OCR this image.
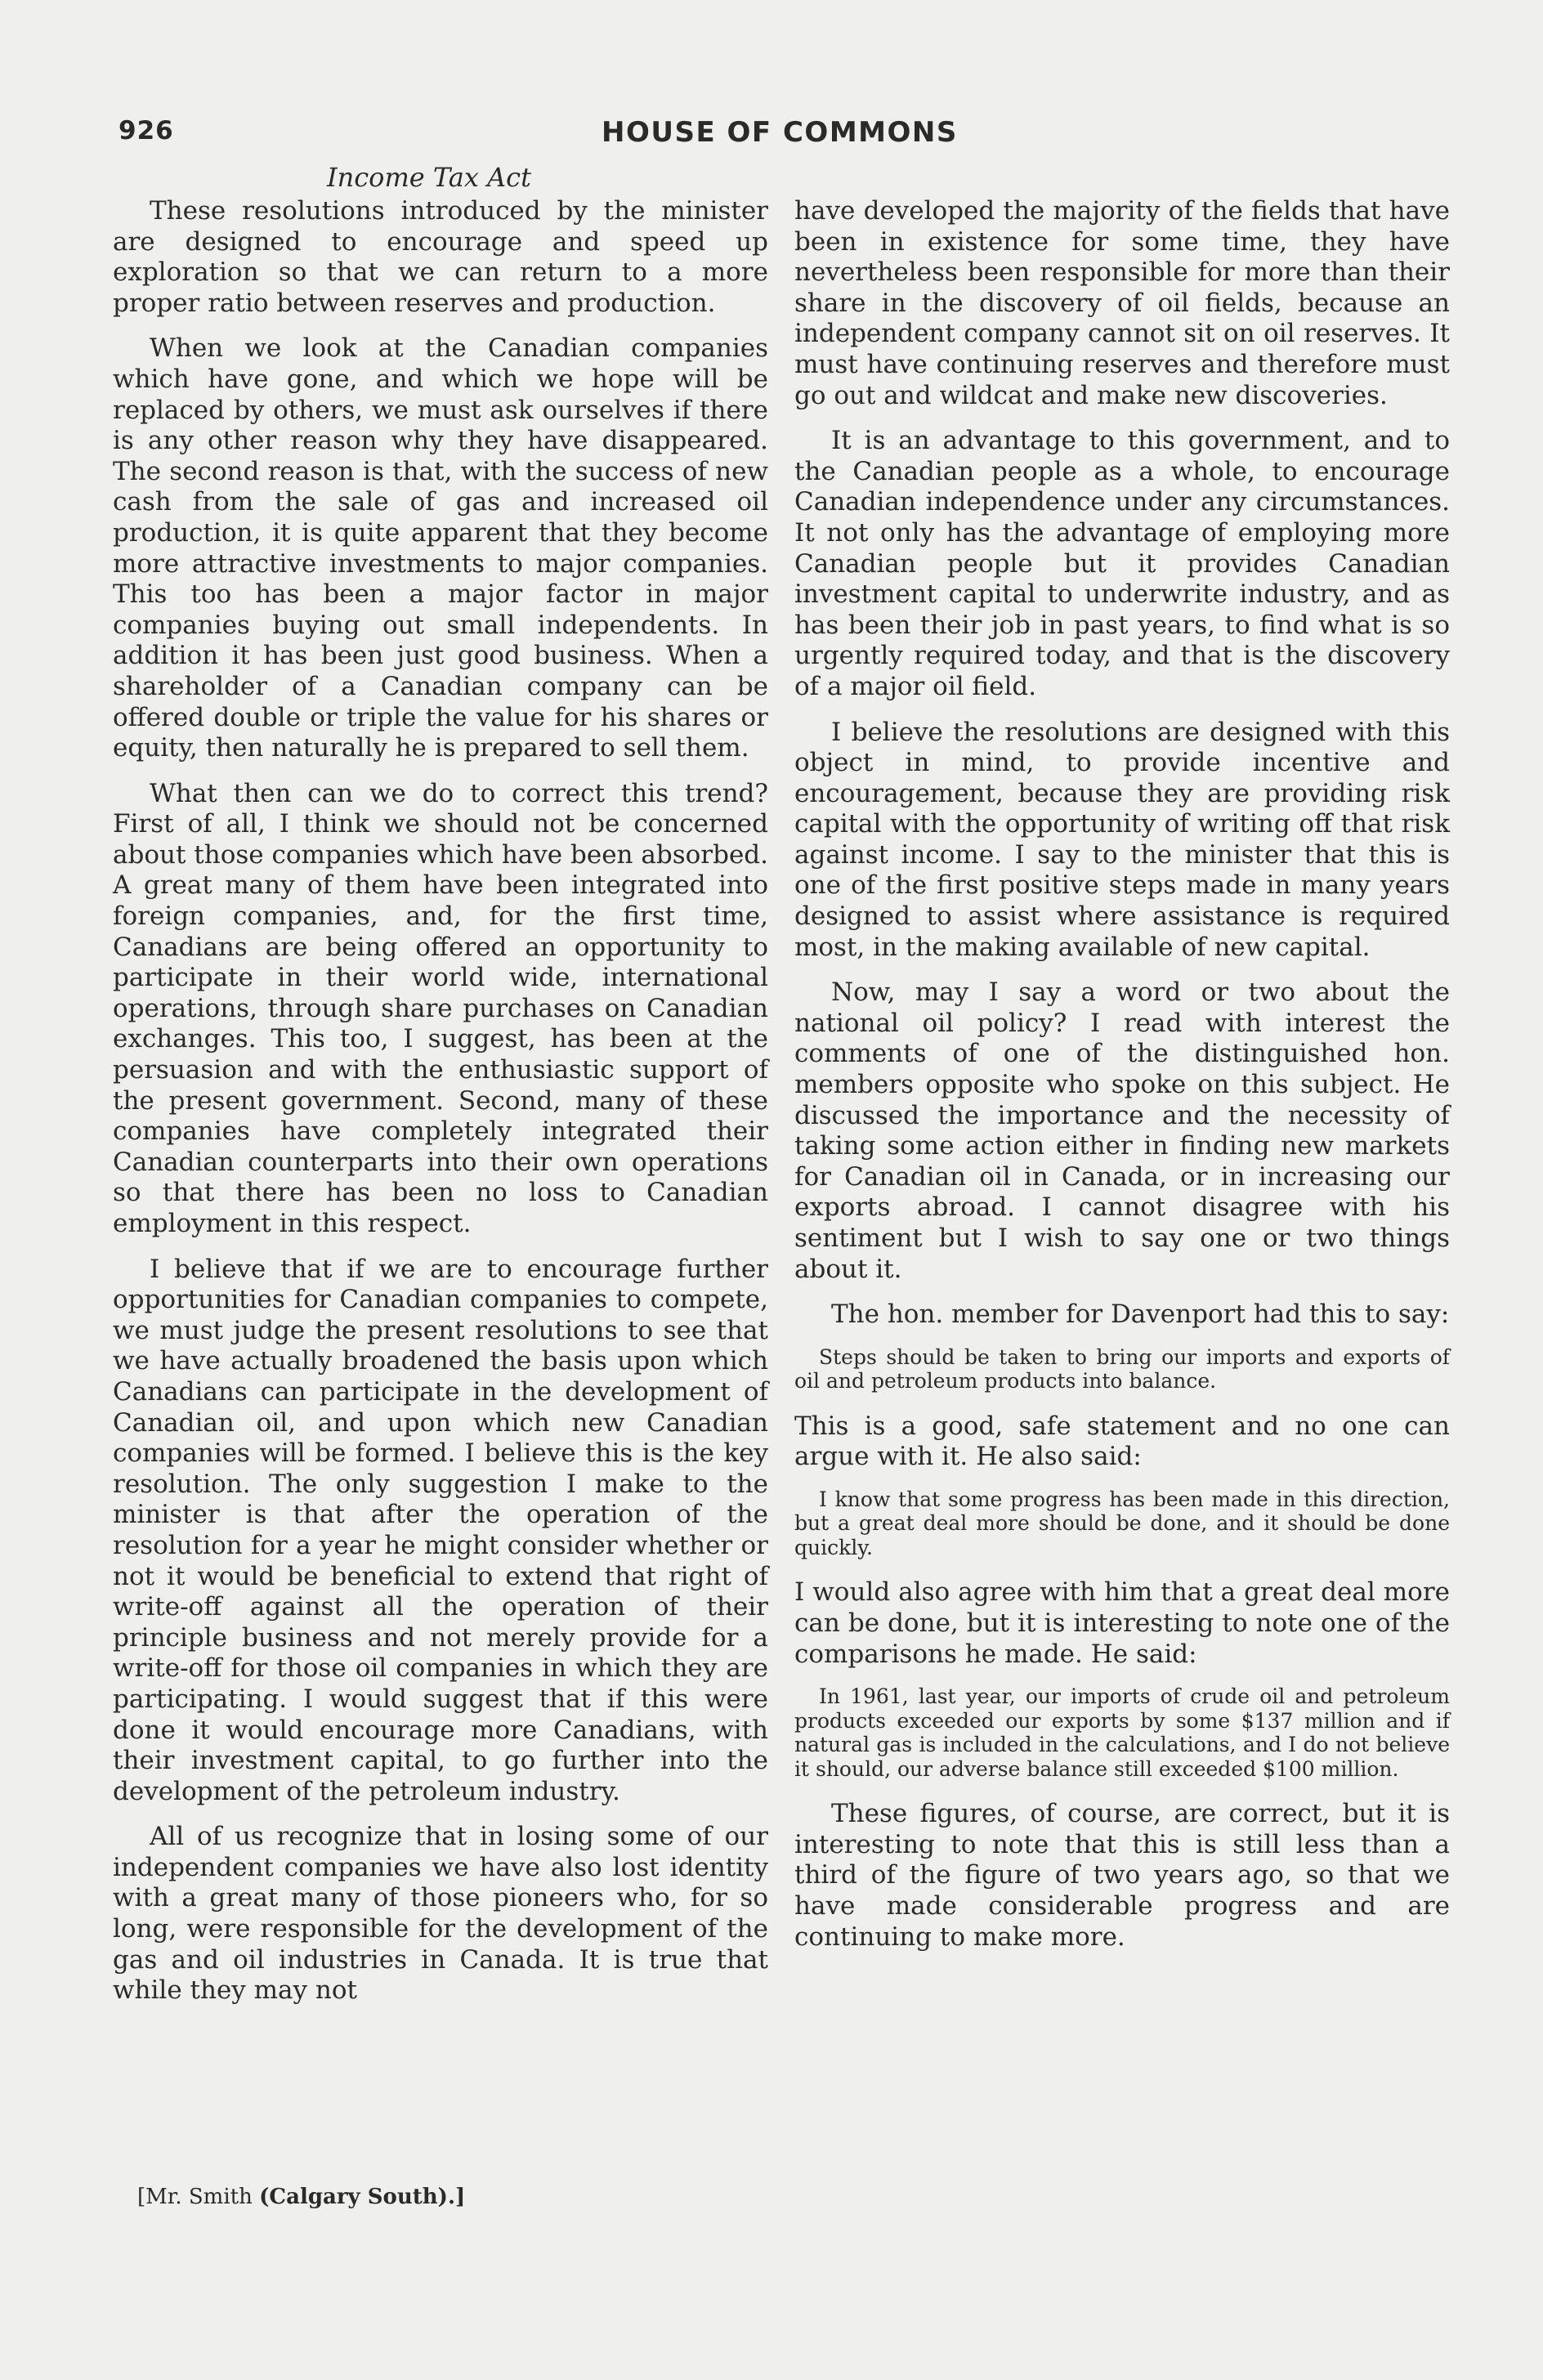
926	HOUSE OF COMMONS
Income Tax Act

These resolutions introduced by the minister are designed to encourage and speed up exploration so that we can return to a more proper ratio between reserves and production.

When we look at the Canadian companies which have gone, and which we hope will be replaced by others, we must ask ourselves if there is any other reason why they have disappeared. The second reason is that, with the success of new cash from the sale of gas and increased oil production, it is quite apparent that they become more attractive investments to major companies. This too has been a major factor in major companies buying out small independents. In addition it has been just good business. When a shareholder of a Canadian company can be offered double or triple the value for his shares or equity, then naturally he is prepared to sell them.

What then can we do to correct this trend? First of all, I think we should not be concerned about those companies which have been absorbed. A great many of them have been integrated into foreign companies, and, for the first time, Canadians are being offered an opportunity to participate in their world wide, international operations, through share purchases on Canadian exchanges. This too, I suggest, has been at the persuasion and with the enthusiastic support of the present government. Second, many of these companies have completely integrated their Canadian counterparts into their own operations so that there has been no loss to Canadian employment in this respect.

I believe that if we are to encourage further opportunities for Canadian companies to compete, we must judge the present resolutions to see that we have actually broadened the basis upon which Canadians can participate in the development of Canadian oil, and upon which new Canadian companies will be formed. I believe this is the key resolution. The only suggestion I make to the minister is that after the operation of the resolution for a year he might consider whether or not it would be beneficial to extend that right of write-off against all the operation of their principle business and not merely provide for a write-off for those oil companies in which they are participating. I would suggest that if this were done it would encourage more Canadians, with their investment capital, to go further into the development of the petroleum industry.

All of us recognize that in losing some of our independent companies we have also lost identity with a great many of those pioneers who, for so long, were responsible for the development of the gas and oil industries in Canada. It is true that while they may not

have developed the majority of the fields that have been in existence for some time, they have nevertheless been responsible for more than their share in the discovery of oil fields, because an independent company cannot sit on oil reserves. It must have continuing reserves and therefore must go out and wildcat and make new discoveries.

It is an advantage to this government, and to the Canadian people as a whole, to encourage Canadian independence under any circumstances. It not only has the advantage of employing more Canadian people but it provides Canadian investment capital to underwrite industry, and as has been their job in past years, to find what is so urgently required today, and that is the discovery of a major oil field.

I believe the resolutions are designed with this object in mind, to provide incentive and encouragement, because they are providing risk capital with the opportunity of writing off that risk against income. I say to the minister that this is one of the first positive steps made in many years designed to assist where assistance is required most, in the making available of new capital.

Now, may I say a word or two about the national oil policy? I read with interest the comments of one of the distinguished hon. members opposite who spoke on this subject. He discussed the importance and the necessity of taking some action either in finding new markets for Canadian oil in Canada, or in increasing our exports abroad. I cannot disagree with his sentiment but I wish to say one or two things about it.

The hon. member for Davenport had this to say:

Steps should be taken to bring our imports and exports of oil and petroleum products into balance.

This is a good, safe statement and no one can argue with it. He also said:

I know that some progress has been made in this direction, but a great deal more should be done, and it should be done quickly.

I would also agree with him that a great deal more can be done, but it is interesting to note one of the comparisons he made. He said:

In 1961, last year, our imports of crude oil and petroleum products exceeded our exports by some $137 million and if natural gas is included in the calculations, and I do not believe it should, our adverse balance still exceeded $100 million.

These figures, of course, are correct, but it is interesting to note that this is still less than a third of the figure of two years ago, so that we have made considerable progress and are continuing to make more.

[Mr. Smith (Calgary South).]
